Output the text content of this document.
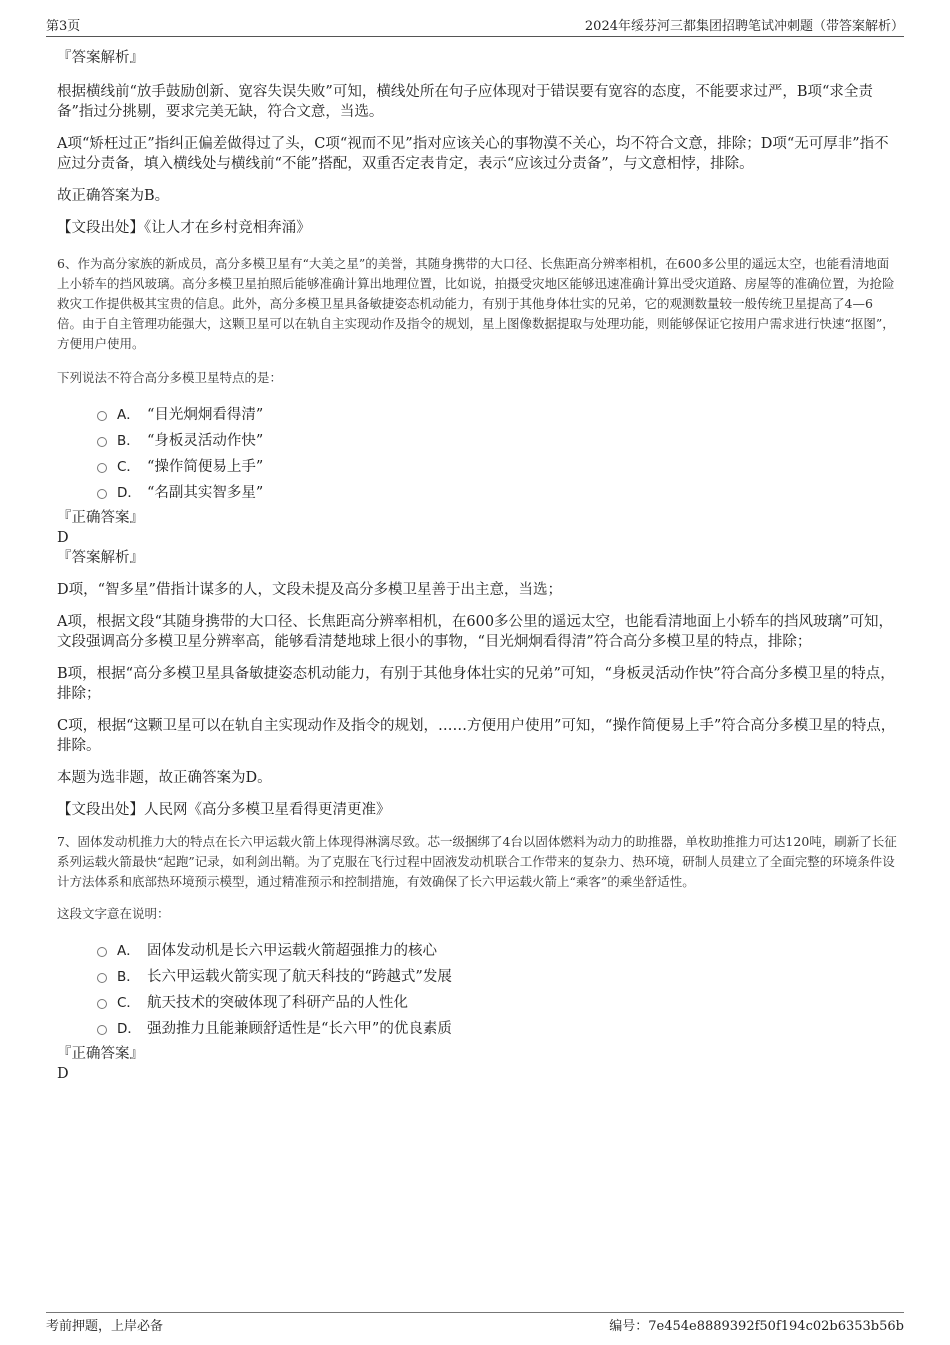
第3页	2024年绥芬河三都集团招聘笔试冲刺题（带答案解析）

『答案解析』

根据横线前“放手鼓励创新、宽容失误失败”可知，横线处所在句子应体现对于错误要有宽容的态度，不能要求过严，B项“求全责备”指过分挑剔，要求完美无缺，符合文意，当选。

A项“矫枉过正”指纠正偏差做得过了头，C项“视而不见”指对应该关心的事物漠不关心，均不符合文意，排除；D项“无可厚非”指不应过分责备，填入横线处与横线前“不能”搭配，双重否定表肯定，表示“应该过分责备”，与文意相悖，排除。

故正确答案为B。

【文段出处】《让人才在乡村竞相奔涌》

6、作为高分家族的新成员，高分多模卫星有“大美之星”的美誉，其随身携带的大口径、长焦距高分辨率相机，在600多公里的遥远太空，也能看清地面上小轿车的挡风玻璃。高分多模卫星拍照后能够准确计算出地理位置，比如说，拍摄受灾地区能够迅速准确计算出受灾道路、房屋等的准确位置，为抢险救灾工作提供极其宝贵的信息。此外，高分多模卫星具备敏捷姿态机动能力，有别于其他身体壮实的兄弟，它的观测数量较一般传统卫星提高了4—6倍。由于自主管理功能强大，这颗卫星可以在轨自主实现动作及指令的规划，星上图像数据提取与处理功能，则能够保证它按用户需求进行快速“抠图”，方便用户使用。

下列说法不符合高分多模卫星特点的是：

A． “目光炯炯看得清”
B． “身板灵活动作快”
C． “操作简便易上手”
D． “名副其实智多星”

『正确答案』

D

『答案解析』

D项，“智多星”借指计谋多的人，文段未提及高分多模卫星善于出主意，当选；

A项，根据文段“其随身携带的大口径、长焦距高分辨率相机，在600多公里的遥远太空，也能看清地面上小轿车的挡风玻璃”可知，文段强调高分多模卫星分辨率高，能够看清楚地球上很小的事物，“目光炯炯看得清”符合高分多模卫星的特点，排除；

B项，根据“高分多模卫星具备敏捷姿态机动能力，有别于其他身体壮实的兄弟”可知，“身板灵活动作快”符合高分多模卫星的特点，排除；

C项，根据“这颗卫星可以在轨自主实现动作及指令的规划，……方便用户使用”可知，“操作简便易上手”符合高分多模卫星的特点，排除。

本题为选非题，故正确答案为D。

【文段出处】人民网《高分多模卫星看得更清更准》

7、固体发动机推力大的特点在长六甲运载火箭上体现得淋漓尽致。芯一级捆绑了4台以固体燃料为动力的助推器，单枚助推推力可达120吨，刷新了长征系列运载火箭最快“起跑”记录，如利剑出鞘。为了克服在飞行过程中固液发动机联合工作带来的复杂力、热环境，研制人员建立了全面完整的环境条件设计方法体系和底部热环境预示模型，通过精准预示和控制措施，有效确保了长六甲运载火箭上“乘客”的乘坐舒适性。

这段文字意在说明：

A． 固体发动机是长六甲运载火箭超强推力的核心
B． 长六甲运载火箭实现了航天科技的“跨越式”发展
C． 航天技术的突破体现了科研产品的人性化
D． 强劲推力且能兼顾舒适性是“长六甲”的优良素质

『正确答案』

D

考前押题，上岸必备	编号：7e454e8889392f50f194c02b6353b56b
